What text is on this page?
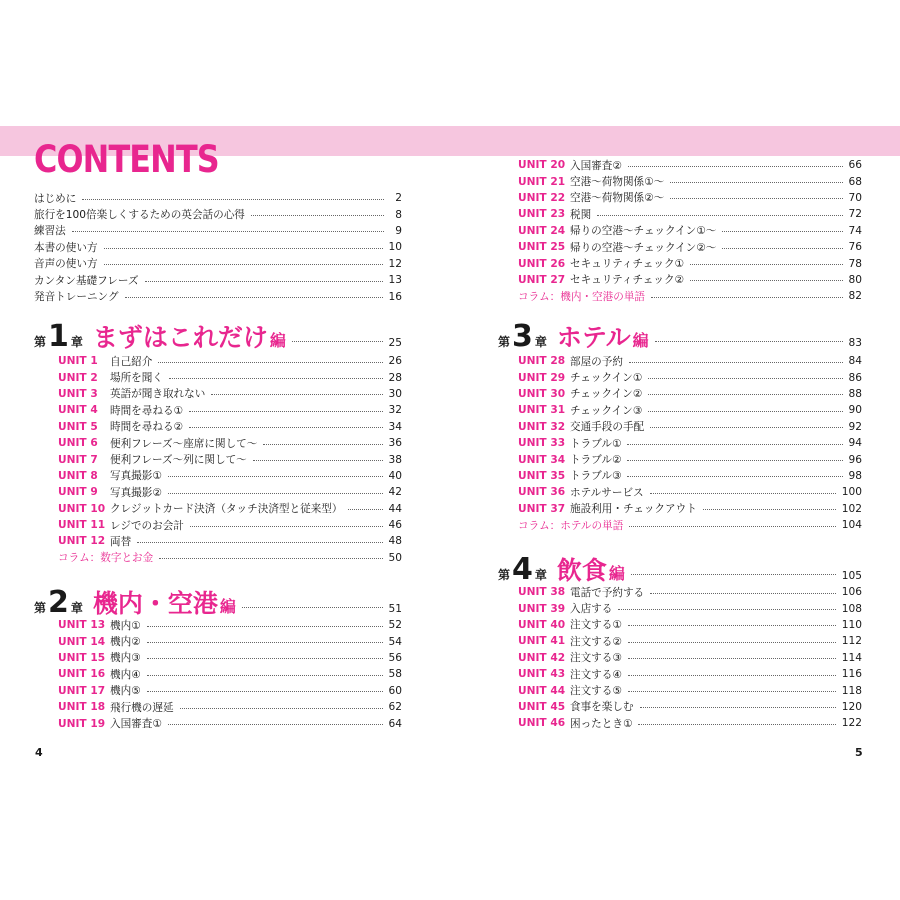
CONTENTS
はじめに	2
旅行を100倍楽しくするための英会話の心得	8
練習法	9
本書の使い方	10
音声の使い方	12
カンタン基礎フレーズ	13
発音トレーニング	16
第 1 章 まずはこれだけ 編	25
UNIT 1	自己紹介	26
UNIT 2	場所を聞く	28
UNIT 3	英語が聞き取れない	30
UNIT 4	時間を尋ねる①	32
UNIT 5	時間を尋ねる②	34
UNIT 6	便利フレーズ〜座席に関して〜	36
UNIT 7	便利フレーズ〜列に関して〜	38
UNIT 8	写真撮影①	40
UNIT 9	写真撮影②	42
UNIT 10 クレジットカード決済（タッチ決済型と従来型）	44
UNIT 11 レジでのお会計	46
UNIT 12 両替	48
コラム：数字とお金	50
第 2 章 機内・空港 編	51
UNIT 13 機内①	52
UNIT 14 機内②	54
UNIT 15 機内③	56
UNIT 16 機内④	58
UNIT 17 機内⑤	60
UNIT 18 飛行機の遅延	62
UNIT 19 入国審査①	64
4
UNIT 20 入国審査②	66
UNIT 21 空港〜荷物関係①〜	68
UNIT 22 空港〜荷物関係②〜	70
UNIT 23 税関	72
UNIT 24 帰りの空港〜チェックイン①〜	74
UNIT 25 帰りの空港〜チェックイン②〜	76
UNIT 26 セキュリティチェック①	78
UNIT 27 セキュリティチェック②	80
コラム：機内・空港の単語	82
第 3 章 ホテル 編	83
UNIT 28 部屋の予約	84
UNIT 29 チェックイン①	86
UNIT 30 チェックイン②	88
UNIT 31 チェックイン③	90
UNIT 32 交通手段の手配	92
UNIT 33 トラブル①	94
UNIT 34 トラブル②	96
UNIT 35 トラブル③	98
UNIT 36 ホテルサービス	100
UNIT 37 施設利用・チェックアウト	102
コラム：ホテルの単語	104
第 4 章 飲食 編	105
UNIT 38 電話で予約する	106
UNIT 39 入店する	108
UNIT 40 注文する①	110
UNIT 41 注文する②	112
UNIT 42 注文する③	114
UNIT 43 注文する④	116
UNIT 44 注文する⑤	118
UNIT 45 食事を楽しむ	120
UNIT 46 困ったとき①	122
5
